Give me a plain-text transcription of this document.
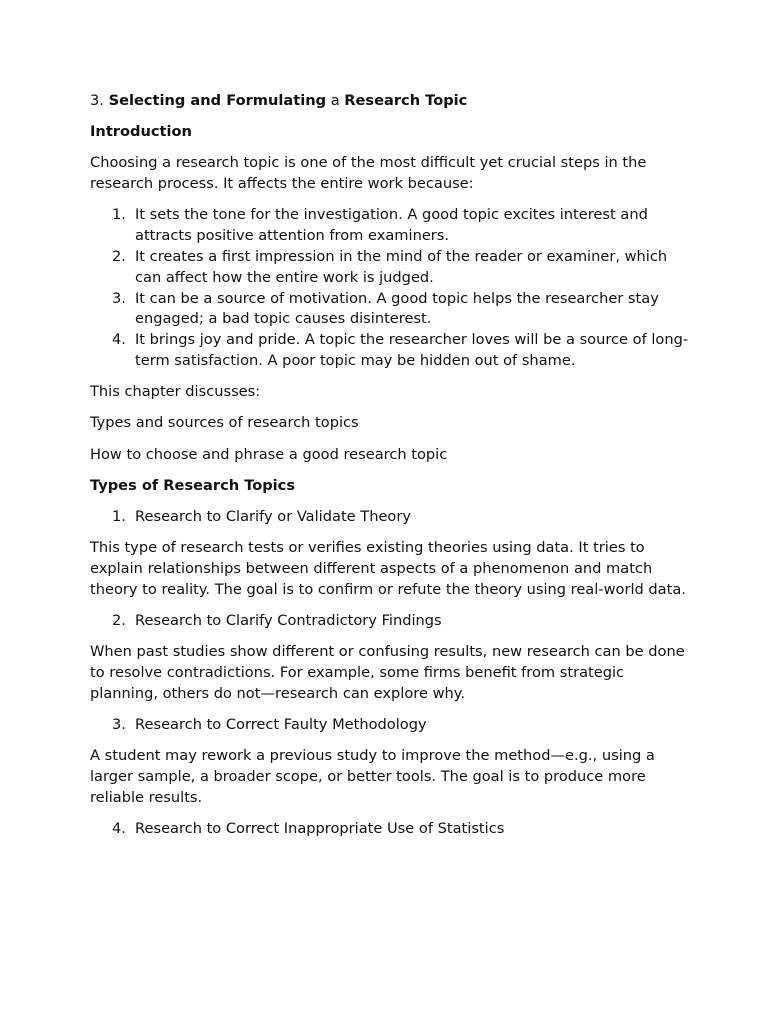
3. Selecting and Formulating a Research Topic

Introduction

Choosing a research topic is one of the most difficult yet crucial steps in the research process. It affects the entire work because:

1. It sets the tone for the investigation. A good topic excites interest and attracts positive attention from examiners.
2. It creates a first impression in the mind of the reader or examiner, which can affect how the entire work is judged.
3. It can be a source of motivation. A good topic helps the researcher stay engaged; a bad topic causes disinterest.
4. It brings joy and pride. A topic the researcher loves will be a source of long-term satisfaction. A poor topic may be hidden out of shame.

This chapter discusses:

Types and sources of research topics

How to choose and phrase a good research topic

Types of Research Topics

1. Research to Clarify or Validate Theory

This type of research tests or verifies existing theories using data. It tries to explain relationships between different aspects of a phenomenon and match theory to reality. The goal is to confirm or refute the theory using real-world data.

2. Research to Clarify Contradictory Findings

When past studies show different or confusing results, new research can be done to resolve contradictions. For example, some firms benefit from strategic planning, others do not—research can explore why.

3. Research to Correct Faulty Methodology

A student may rework a previous study to improve the method—e.g., using a larger sample, a broader scope, or better tools. The goal is to produce more reliable results.

4. Research to Correct Inappropriate Use of Statistics
